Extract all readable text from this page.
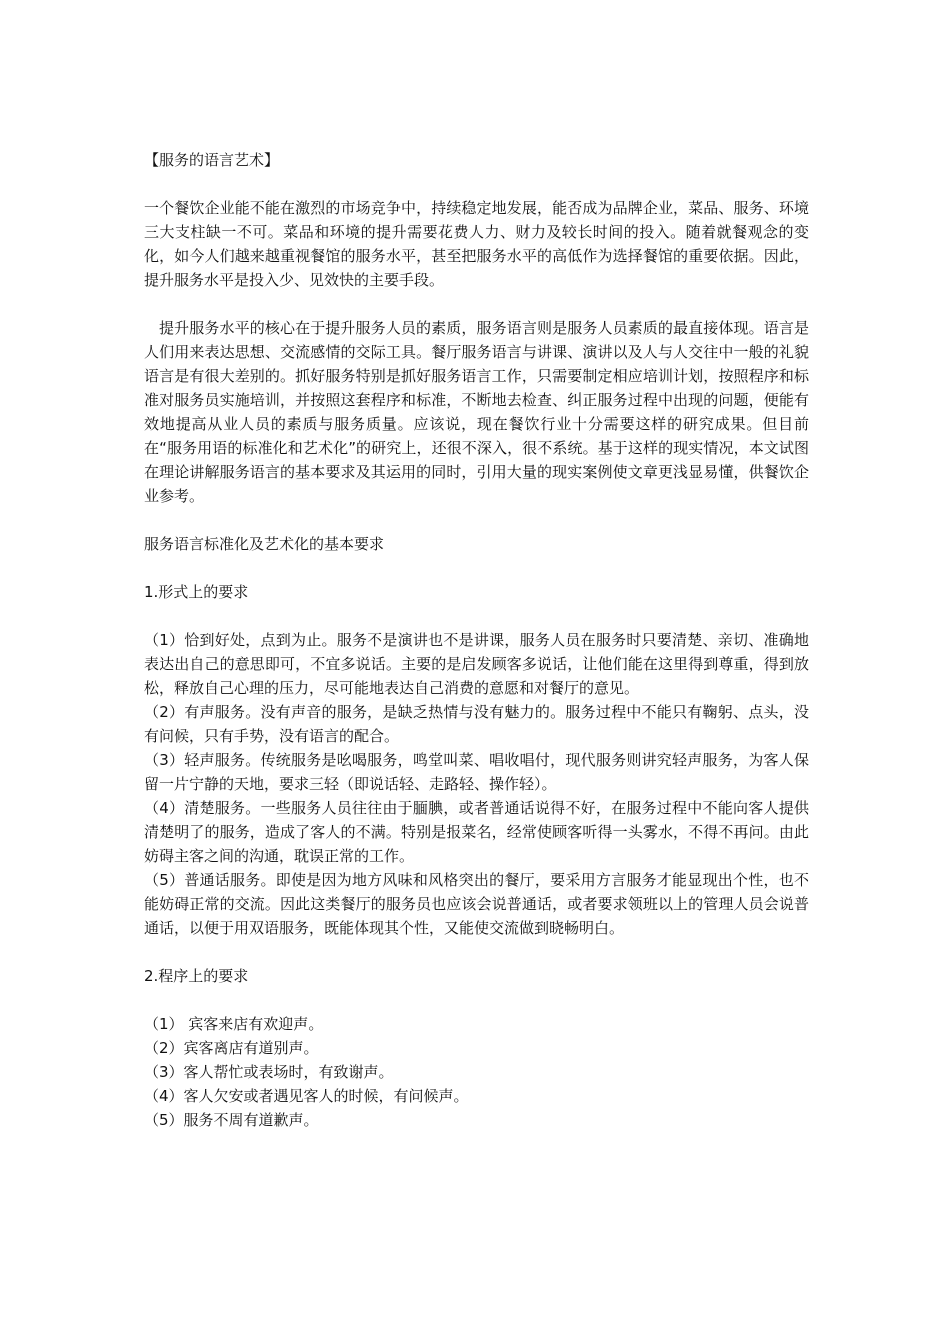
【服务的语言艺术】

一个餐饮企业能不能在激烈的市场竞争中，持续稳定地发展，能否成为品牌企业，菜品、服务、环境三大支柱缺一不可。菜品和环境的提升需要花费人力、财力及较长时间的投入。随着就餐观念的变化，如今人们越来越重视餐馆的服务水平，甚至把服务水平的高低作为选择餐馆的重要依据。因此，提升服务水平是投入少、见效快的主要手段。

提升服务水平的核心在于提升服务人员的素质，服务语言则是服务人员素质的最直接体现。语言是人们用来表达思想、交流感情的交际工具。餐厅服务语言与讲课、演讲以及人与人交往中一般的礼貌语言是有很大差别的。抓好服务特别是抓好服务语言工作，只需要制定相应培训计划，按照程序和标准对服务员实施培训，并按照这套程序和标准，不断地去检查、纠正服务过程中出现的问题，便能有效地提高从业人员的素质与服务质量。应该说，现在餐饮行业十分需要这样的研究成果。但目前在“服务用语的标准化和艺术化”的研究上，还很不深入，很不系统。基于这样的现实情况，本文试图在理论讲解服务语言的基本要求及其运用的同时，引用大量的现实案例使文章更浅显易懂，供餐饮企业参考。

服务语言标准化及艺术化的基本要求

1.形式上的要求

（1）恰到好处，点到为止。服务不是演讲也不是讲课，服务人员在服务时只要清楚、亲切、准确地表达出自己的意思即可，不宜多说话。主要的是启发顾客多说话，让他们能在这里得到尊重，得到放松，释放自己心理的压力，尽可能地表达自己消费的意愿和对餐厅的意见。
（2）有声服务。没有声音的服务，是缺乏热情与没有魅力的。服务过程中不能只有鞠躬、点头，没有问候，只有手势，没有语言的配合。
（3）轻声服务。传统服务是吆喝服务，鸣堂叫菜、唱收唱付，现代服务则讲究轻声服务，为客人保留一片宁静的天地，要求三轻（即说话轻、走路轻、操作轻）。
（4）清楚服务。一些服务人员往往由于腼腆，或者普通话说得不好，在服务过程中不能向客人提供清楚明了的服务，造成了客人的不满。特别是报菜名，经常使顾客听得一头雾水，不得不再问。由此妨碍主客之间的沟通，耽误正常的工作。
（5）普通话服务。即使是因为地方风味和风格突出的餐厅，要采用方言服务才能显现出个性，也不能妨碍正常的交流。因此这类餐厅的服务员也应该会说普通话，或者要求领班以上的管理人员会说普通话，以便于用双语服务，既能体现其个性，又能使交流做到晓畅明白。

2.程序上的要求

（1） 宾客来店有欢迎声。
（2）宾客离店有道别声。
（3）客人帮忙或表场时，有致谢声。
（4）客人欠安或者遇见客人的时候，有问候声。
（5）服务不周有道歉声。
